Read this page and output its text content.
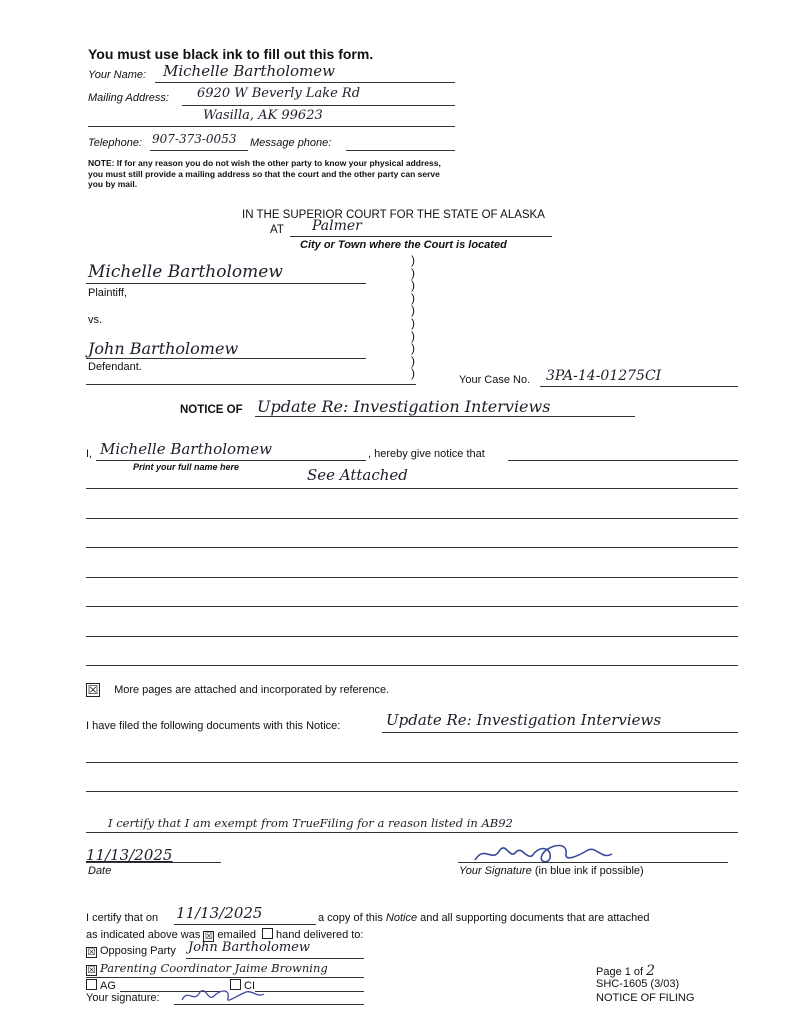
You must use black ink to fill out this form.
Your Name: Michelle Bartholomew
Mailing Address: 6920 W Beverly Lake Rd
Wasilla, AK 99623
Telephone: 907-373-0053 Message phone:
NOTE: If for any reason you do not wish the other party to know your physical address, you must still provide a mailing address so that the court and the other party can serve you by mail.
IN THE SUPERIOR COURT FOR THE STATE OF ALASKA
AT Palmer
City or Town where the Court is located
Michelle Bartholomew
Plaintiff,
vs.
John Bartholomew
Defendant.
)
)
)
)
)
)
)
)
)
)	Your Case No. 3PA-14-01275CI
NOTICE OF Update Re: Investigation Interviews
I, Michelle Bartholomew	, hereby give notice that
Print your full name here	See Attached
☒ More pages are attached and incorporated by reference.
I have filed the following documents with this Notice:	Update Re: Investigation Interviews
I certify that I am exempt from TrueFiling for a reason listed in AB92
11/13/2025
Date	Your Signature (in blue ink if possible)
I certify that on 11/13/2025	a copy of this Notice and all supporting documents that are attached
as indicated above was ☒ emailed hand delivered to:
☒ Opposing Party John Bartholomew
☒ Parenting Coordinator Jaime Browning
AG	CI
Your signature:
Page 1 of 2
SHC-1605 (3/03)
NOTICE OF FILING
